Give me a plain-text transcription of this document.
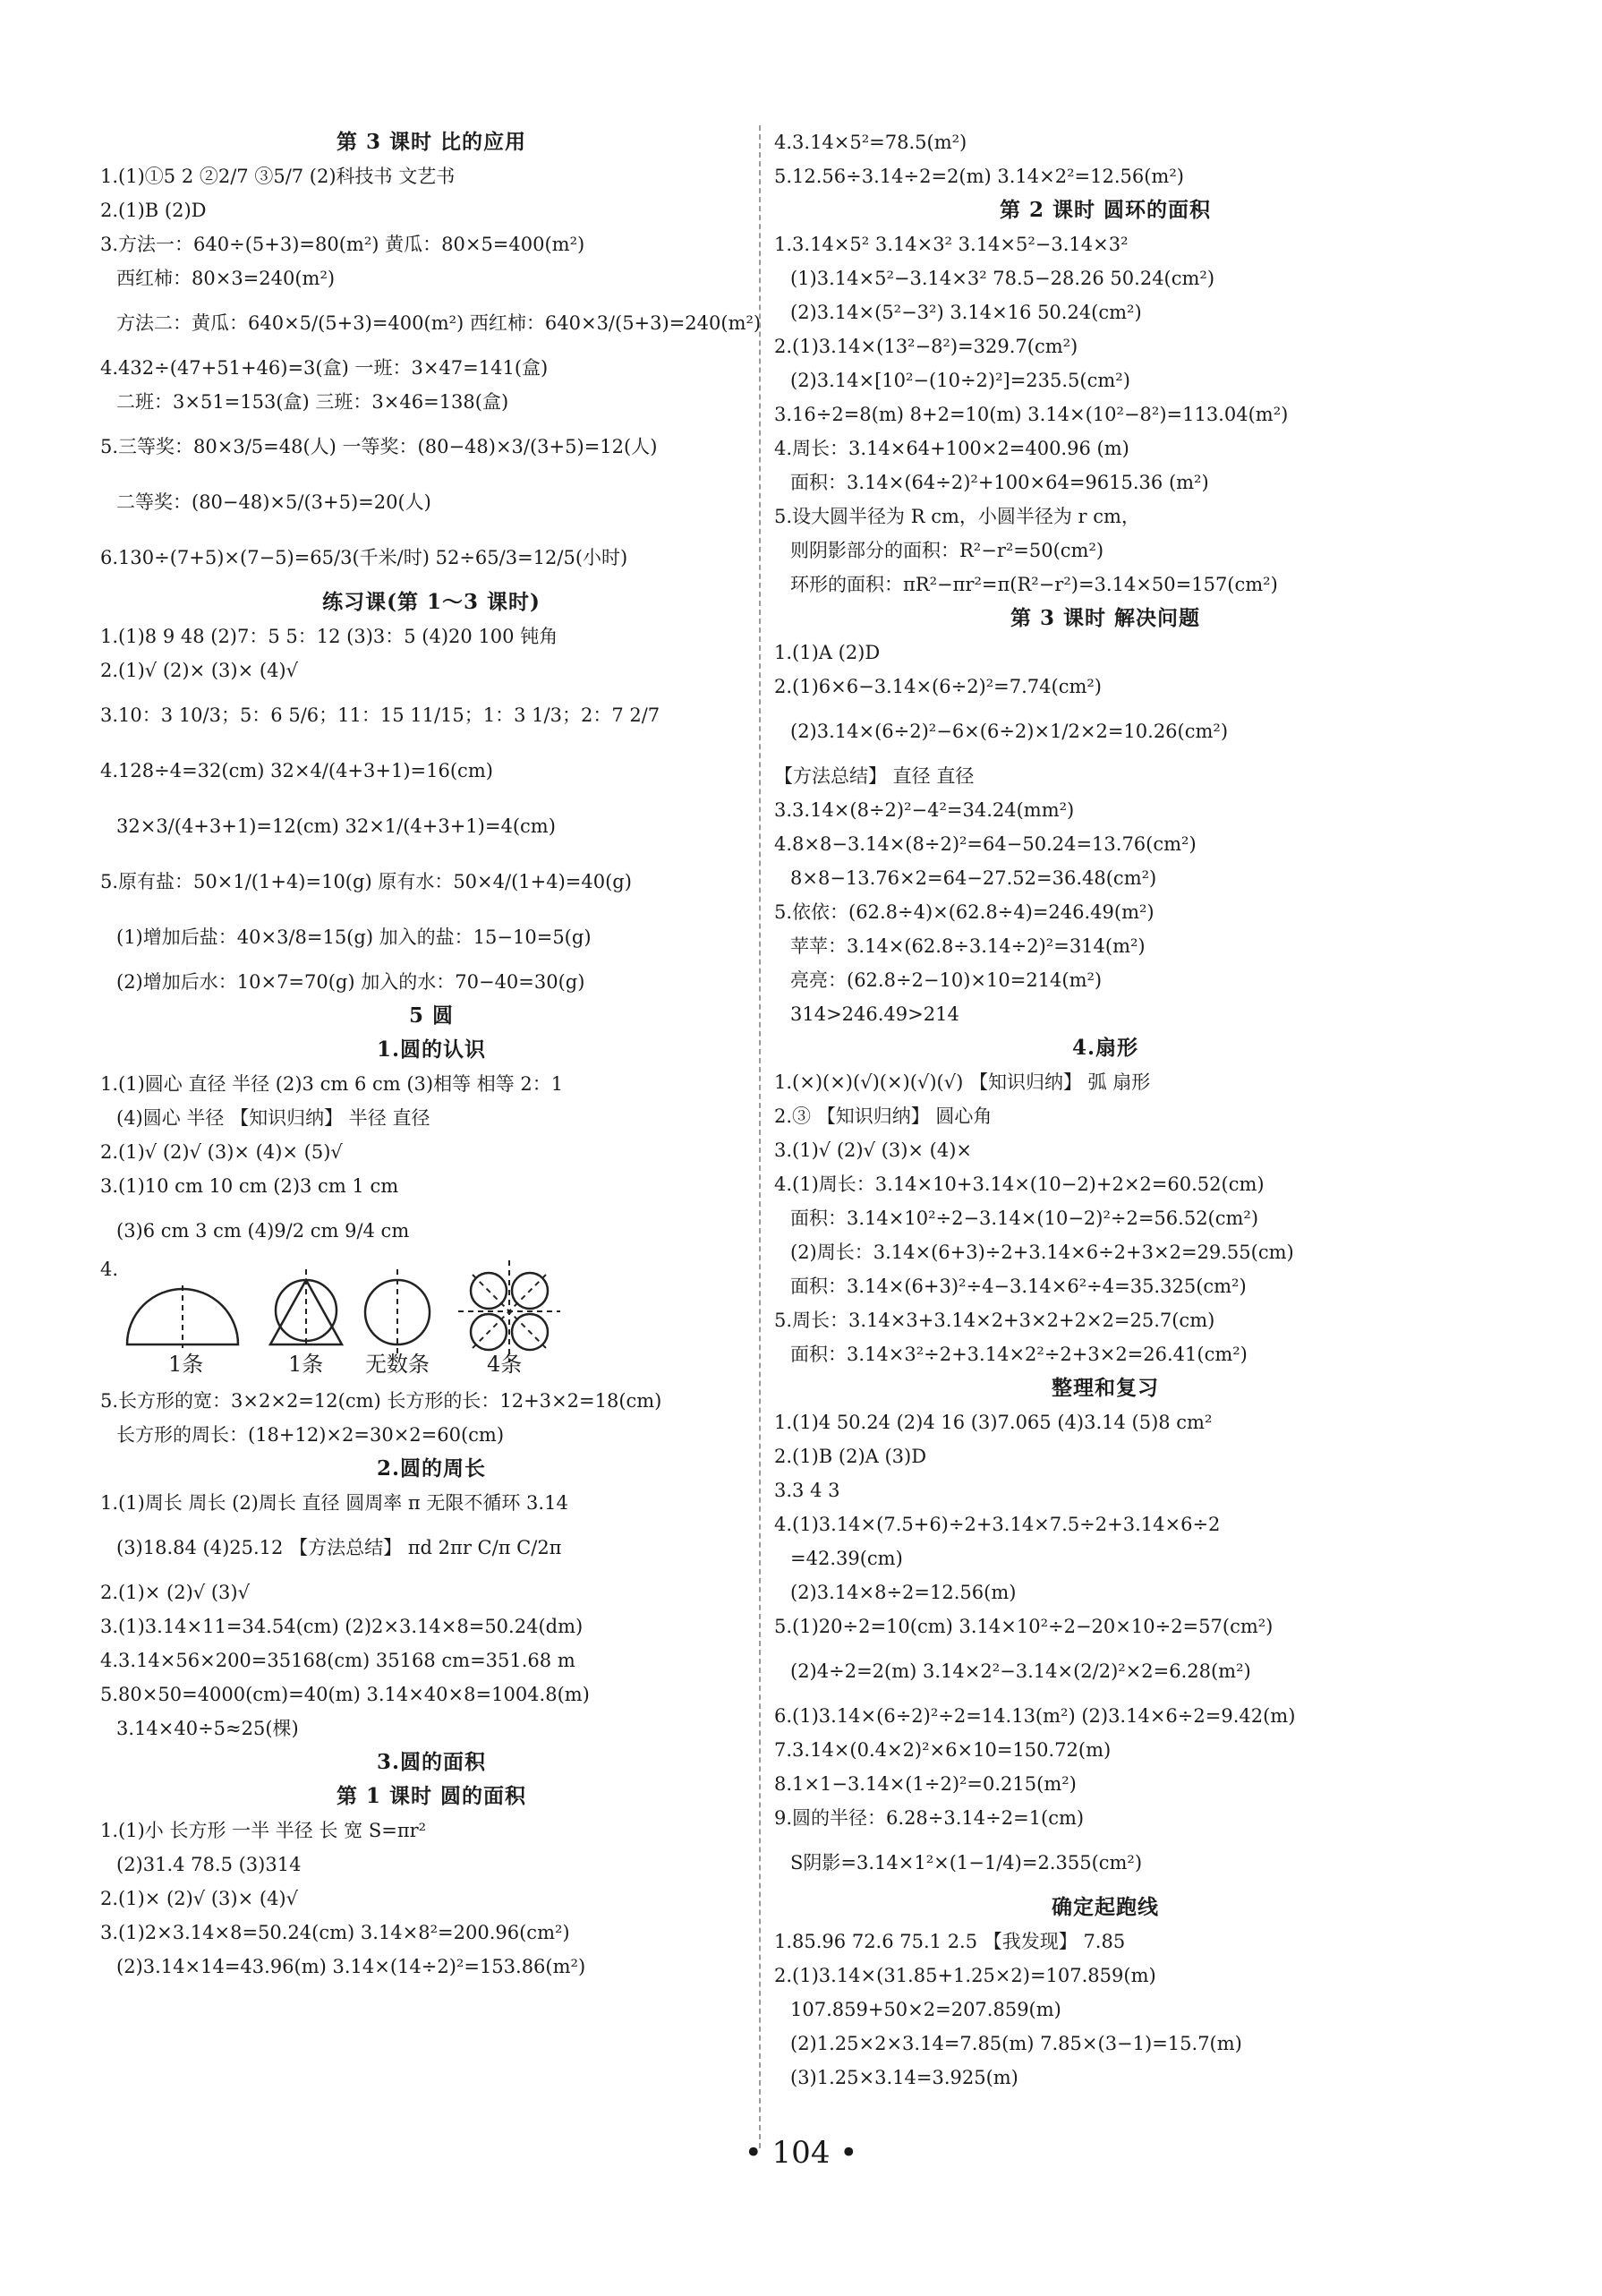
第 3 课时 比的应用
1.(1)①5 2 ②2/7 ③5/7 (2)科技书 文艺书
2.(1)B (2)D
3.方法一：640÷(5+3)=80(m²) 黄瓜：80×5=400(m²)
西红柿：80×3=240(m²)
方法二：黄瓜：640×5/(5+3)=400(m²) 西红柿：640×3/(5+3)=240(m²)
4.432÷(47+51+46)=3(盒) 一班：3×47=141(盒)
二班：3×51=153(盒) 三班：3×46=138(盒)
5.三等奖：80×3/5=48(人) 一等奖：(80−48)×3/(3+5)=12(人)
二等奖：(80−48)×5/(3+5)=20(人)
6.130÷(7+5)×(7−5)=65/3(千米/时) 52÷65/3=12/5(小时)
练习课(第 1～3 课时)
1.(1)8 9 48 (2)7：5 5：12 (3)3：5 (4)20 100 钝角
2.(1)√ (2)× (3)× (4)√
3.10：3 10/3；5：6 5/6；11：15 11/15；1：3 1/3；2：7 2/7
4.128÷4=32(cm) 32×4/(4+3+1)=16(cm)
32×3/(4+3+1)=12(cm) 32×1/(4+3+1)=4(cm)
5.原有盐：50×1/(1+4)=10(g) 原有水：50×4/(1+4)=40(g)
(1)增加后盐：40×3/8=15(g) 加入的盐：15−10=5(g)
(2)增加后水：10×7=70(g) 加入的水：70−40=30(g)
5 圆
1.圆的认识
1.(1)圆心 直径 半径 (2)3 cm 6 cm (3)相等 相等 2：1
(4)圆心 半径 【知识归纳】 半径 直径
2.(1)√ (2)√ (3)× (4)× (5)√
3.(1)10 cm 10 cm (2)3 cm 1 cm
(3)6 cm 3 cm (4)9/2 cm 9/4 cm
4.
1条	1条 无数条	4条
5.长方形的宽：3×2×2=12(cm) 长方形的长：12+3×2=18(cm)
长方形的周长：(18+12)×2=30×2=60(cm)
2.圆的周长
1.(1)周长 周长 (2)周长 直径 圆周率 π 无限不循环 3.14
(3)18.84 (4)25.12 【方法总结】 πd 2πr C/π C/2π
2.(1)× (2)√ (3)√
3.(1)3.14×11=34.54(cm) (2)2×3.14×8=50.24(dm)
4.3.14×56×200=35168(cm) 35168 cm=351.68 m
5.80×50=4000(cm)=40(m) 3.14×40×8=1004.8(m)
3.14×40÷5≈25(棵)
3.圆的面积
第 1 课时 圆的面积
1.(1)小 长方形 一半 半径 长 宽 S=πr²
(2)31.4 78.5 (3)314
2.(1)× (2)√ (3)× (4)√
3.(1)2×3.14×8=50.24(cm) 3.14×8²=200.96(cm²)
(2)3.14×14=43.96(m) 3.14×(14÷2)²=153.86(m²)
4.3.14×5²=78.5(m²)
5.12.56÷3.14÷2=2(m) 3.14×2²=12.56(m²)
第 2 课时 圆环的面积
1.3.14×5² 3.14×3² 3.14×5²−3.14×3²
(1)3.14×5²−3.14×3² 78.5−28.26 50.24(cm²)
(2)3.14×(5²−3²) 3.14×16 50.24(cm²)
2.(1)3.14×(13²−8²)=329.7(cm²)
(2)3.14×[10²−(10÷2)²]=235.5(cm²)
3.16÷2=8(m) 8+2=10(m) 3.14×(10²−8²)=113.04(m²)
4.周长：3.14×64+100×2=400.96 (m)
面积：3.14×(64÷2)²+100×64=9615.36 (m²)
5.设大圆半径为 R cm，小圆半径为 r cm，
则阴影部分的面积：R²−r²=50(cm²)
环形的面积：πR²−πr²=π(R²−r²)=3.14×50=157(cm²)
第 3 课时 解决问题
1.(1)A (2)D
2.(1)6×6−3.14×(6÷2)²=7.74(cm²)
(2)3.14×(6÷2)²−6×(6÷2)×1/2×2=10.26(cm²)
【方法总结】 直径 直径
3.3.14×(8÷2)²−4²=34.24(mm²)
4.8×8−3.14×(8÷2)²=64−50.24=13.76(cm²)
8×8−13.76×2=64−27.52=36.48(cm²)
5.依依：(62.8÷4)×(62.8÷4)=246.49(m²)
苹苹：3.14×(62.8÷3.14÷2)²=314(m²)
亮亮：(62.8÷2−10)×10=214(m²)
314>246.49>214
4.扇形
1.(×)(×)(√)(×)(√)(√) 【知识归纳】 弧 扇形
2.③ 【知识归纳】 圆心角
3.(1)√ (2)√ (3)× (4)×
4.(1)周长：3.14×10+3.14×(10−2)+2×2=60.52(cm)
面积：3.14×10²÷2−3.14×(10−2)²÷2=56.52(cm²)
(2)周长：3.14×(6+3)÷2+3.14×6÷2+3×2=29.55(cm)
面积：3.14×(6+3)²÷4−3.14×6²÷4=35.325(cm²)
5.周长：3.14×3+3.14×2+3×2+2×2=25.7(cm)
面积：3.14×3²÷2+3.14×2²÷2+3×2=26.41(cm²)
整理和复习
1.(1)4 50.24 (2)4 16 (3)7.065 (4)3.14 (5)8 cm²
2.(1)B (2)A (3)D
3.3 4 3
4.(1)3.14×(7.5+6)÷2+3.14×7.5÷2+3.14×6÷2
=42.39(cm)
(2)3.14×8÷2=12.56(m)
5.(1)20÷2=10(cm) 3.14×10²÷2−20×10÷2=57(cm²)
(2)4÷2=2(m) 3.14×2²−3.14×(2/2)²×2=6.28(m²)
6.(1)3.14×(6÷2)²÷2=14.13(m²) (2)3.14×6÷2=9.42(m)
7.3.14×(0.4×2)²×6×10=150.72(m)
8.1×1−3.14×(1÷2)²=0.215(m²)
9.圆的半径：6.28÷3.14÷2=1(cm)
S阴影=3.14×1²×(1−1/4)=2.355(cm²)
确定起跑线
1.85.96 72.6 75.1 2.5 【我发现】 7.85
2.(1)3.14×(31.85+1.25×2)=107.859(m)
107.859+50×2=207.859(m)
(2)1.25×2×3.14=7.85(m) 7.85×(3−1)=15.7(m)
(3)1.25×3.14=3.925(m)
• 104 •
